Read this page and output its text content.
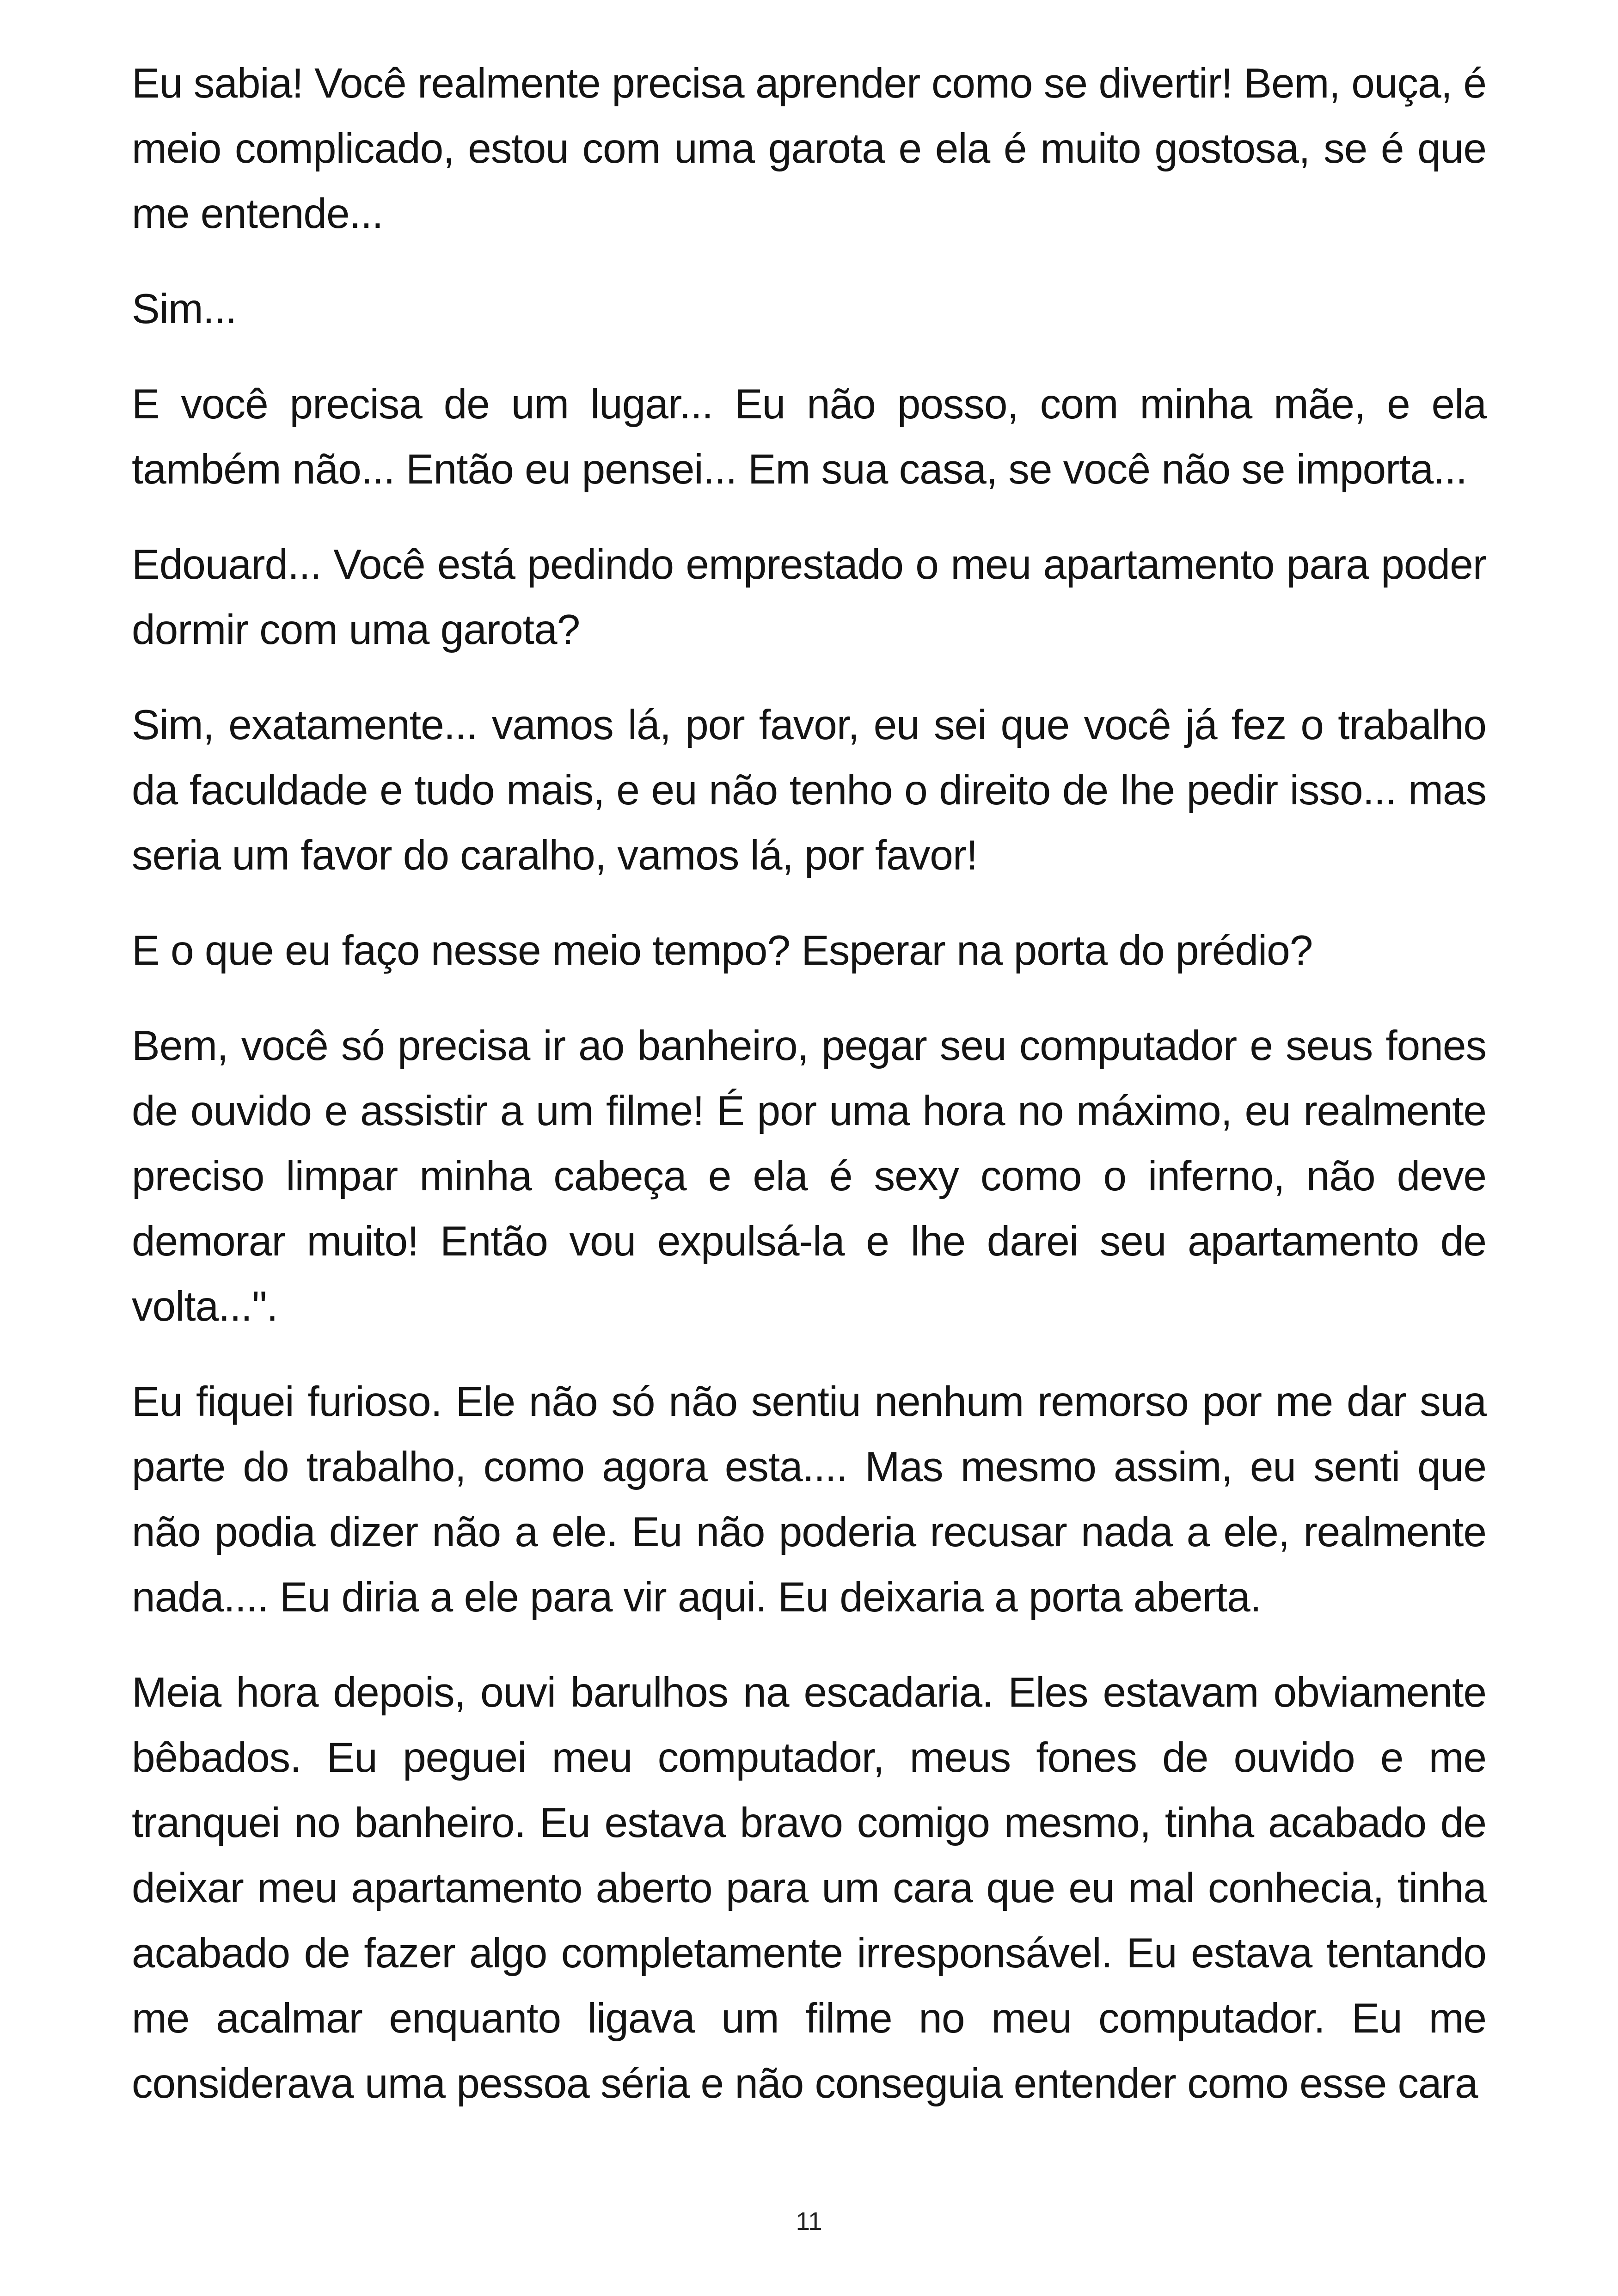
Eu sabia! Você realmente precisa aprender como se divertir! Bem, ouça, é meio complicado, estou com uma garota e ela é muito gostosa, se é que me entende...

Sim...

E você precisa de um lugar... Eu não posso, com minha mãe, e ela também não... Então eu pensei... Em sua casa, se você não se importa...

Edouard... Você está pedindo emprestado o meu apartamento para poder dormir com uma garota?

Sim, exatamente... vamos lá, por favor, eu sei que você já fez o trabalho da faculdade e tudo mais, e eu não tenho o direito de lhe pedir isso... mas seria um favor do caralho, vamos lá, por favor!

E o que eu faço nesse meio tempo? Esperar na porta do prédio?

Bem, você só precisa ir ao banheiro, pegar seu computador e seus fones de ouvido e assistir a um filme! É por uma hora no máximo, eu realmente preciso limpar minha cabeça e ela é sexy como o inferno, não deve demorar muito! Então vou expulsá-la e lhe darei seu apartamento de volta...".

Eu fiquei furioso. Ele não só não sentiu nenhum remorso por me dar sua parte do trabalho, como agora esta.... Mas mesmo assim, eu senti que não podia dizer não a ele. Eu não poderia recusar nada a ele, realmente nada.... Eu diria a ele para vir aqui. Eu deixaria a porta aberta.

Meia hora depois, ouvi barulhos na escadaria. Eles estavam obviamente bêbados. Eu peguei meu computador, meus fones de ouvido e me tranquei no banheiro. Eu estava bravo comigo mesmo, tinha acabado de deixar meu apartamento aberto para um cara que eu mal conhecia, tinha acabado de fazer algo completamente irresponsável. Eu estava tentando me acalmar enquanto ligava um filme no meu computador. Eu me considerava uma pessoa séria e não conseguia entender como esse cara

11
